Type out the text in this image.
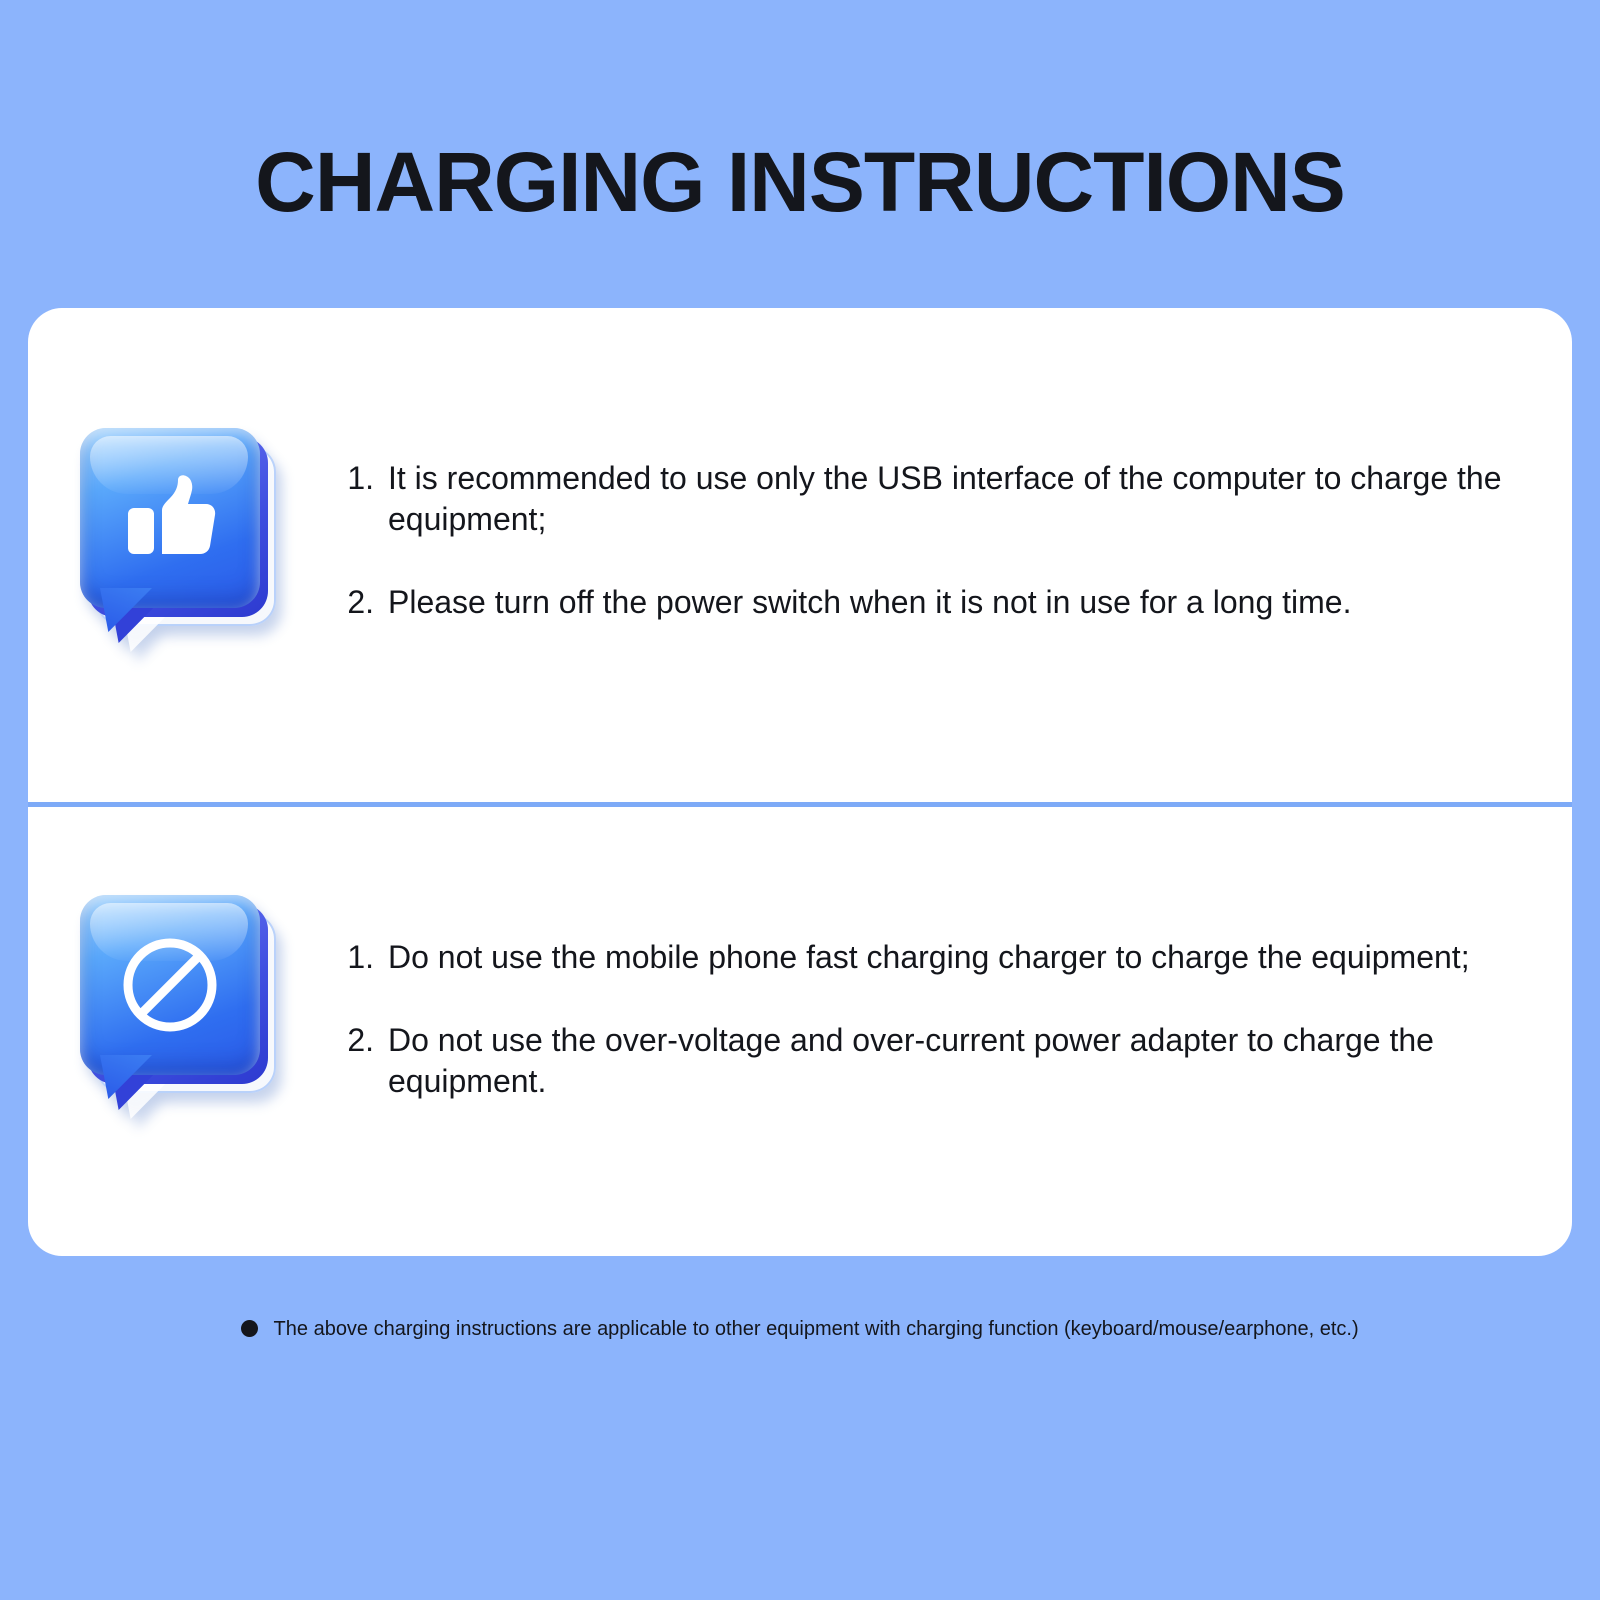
CHARGING INSTRUCTIONS
1. It is recommended to use only the USB interface of the computer to charge the equipment;
2. Please turn off the power switch when it is not in use for a long time.
1. Do not use the mobile phone fast charging charger to charge the equipment;
2. Do not use the over-voltage and over-current power adapter to charge the equipment.
The above charging instructions are applicable to other equipment with charging function (keyboard/mouse/earphone, etc.)
